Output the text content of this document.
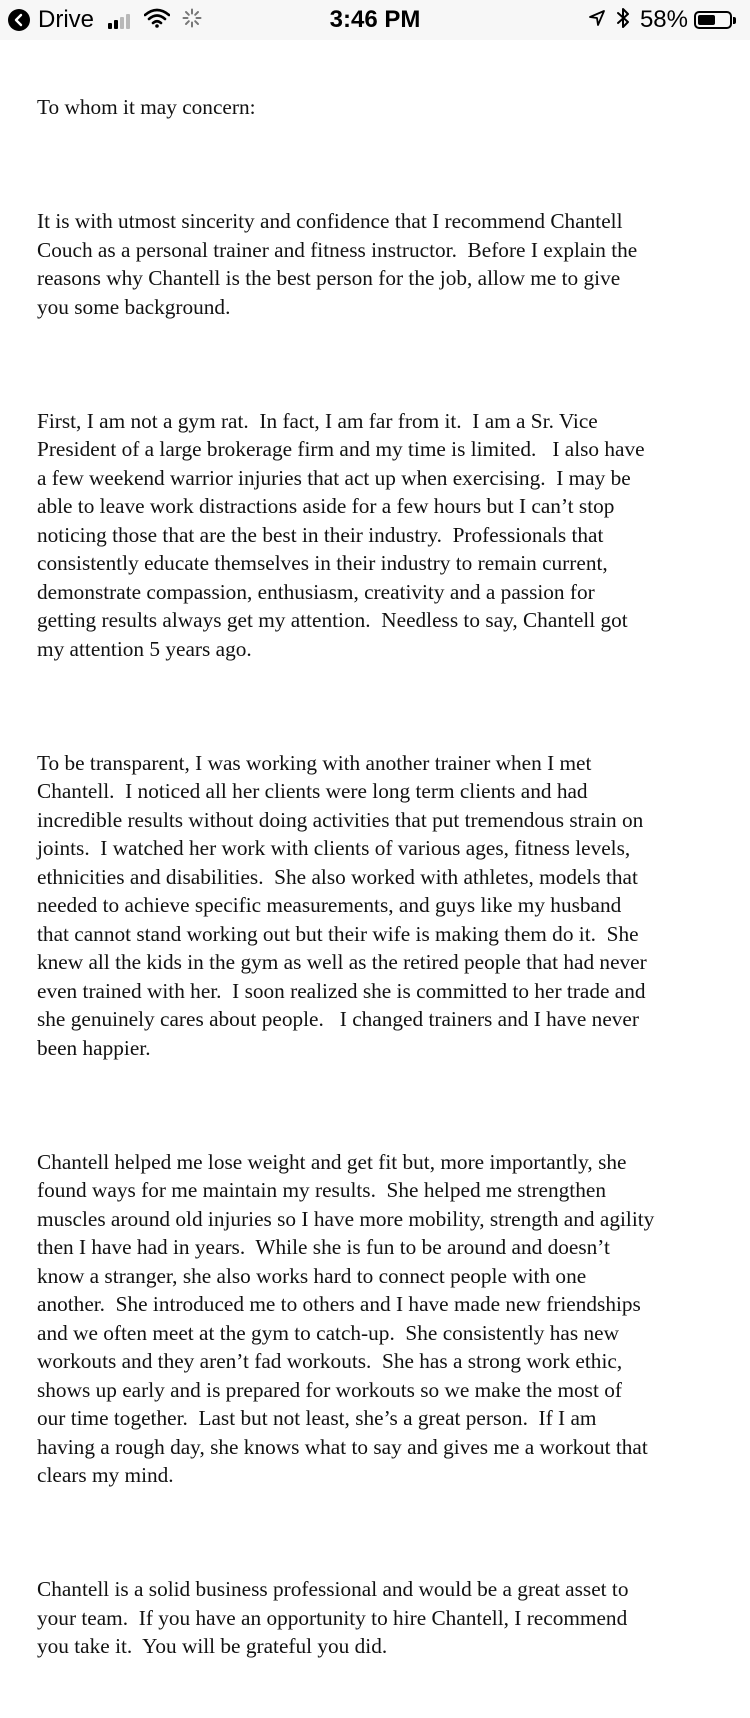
Drive	3:46 PM	58%

To whom it may concern:

It is with utmost sincerity and confidence that I recommend Chantell
Couch as a personal trainer and fitness instructor.  Before I explain the
reasons why Chantell is the best person for the job, allow me to give
you some background.

First, I am not a gym rat.  In fact, I am far from it.  I am a Sr. Vice
President of a large brokerage firm and my time is limited.   I also have
a few weekend warrior injuries that act up when exercising.  I may be
able to leave work distractions aside for a few hours but I can’t stop
noticing those that are the best in their industry.  Professionals that
consistently educate themselves in their industry to remain current,
demonstrate compassion, enthusiasm, creativity and a passion for
getting results always get my attention.  Needless to say, Chantell got
my attention 5 years ago.

To be transparent, I was working with another trainer when I met
Chantell.  I noticed all her clients were long term clients and had
incredible results without doing activities that put tremendous strain on
joints.  I watched her work with clients of various ages, fitness levels,
ethnicities and disabilities.  She also worked with athletes, models that
needed to achieve specific measurements, and guys like my husband
that cannot stand working out but their wife is making them do it.  She
knew all the kids in the gym as well as the retired people that had never
even trained with her.  I soon realized she is committed to her trade and
she genuinely cares about people.   I changed trainers and I have never
been happier.

Chantell helped me lose weight and get fit but, more importantly, she
found ways for me maintain my results.  She helped me strengthen
muscles around old injuries so I have more mobility, strength and agility
then I have had in years.  While she is fun to be around and doesn’t
know a stranger, she also works hard to connect people with one
another.  She introduced me to others and I have made new friendships
and we often meet at the gym to catch-up.  She consistently has new
workouts and they aren’t fad workouts.  She has a strong work ethic,
shows up early and is prepared for workouts so we make the most of
our time together.  Last but not least, she’s a great person.  If I am
having a rough day, she knows what to say and gives me a workout that
clears my mind.

Chantell is a solid business professional and would be a great asset to
your team.  If you have an opportunity to hire Chantell, I recommend
you take it.  You will be grateful you did.
